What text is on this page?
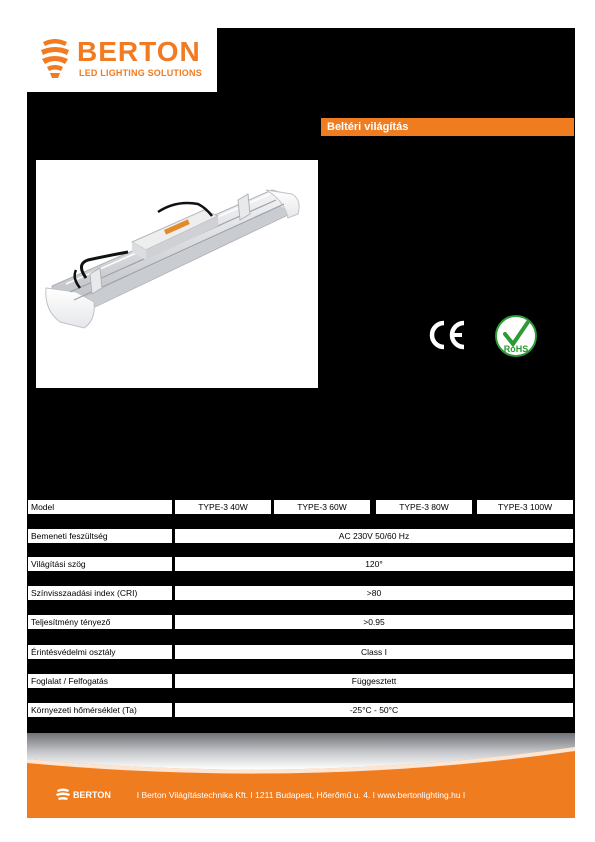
BERTON
LED LIGHTING SOLUTIONS
Beltéri világítás
RoHS
Model	TYPE-3 40W	TYPE-3 60W	TYPE-3 80W	TYPE-3 100W
Bemeneti feszültség	AC 230V 50/60 Hz
Világítási szög	120°
Színvisszaadási index (CRI)	>80
Teljesítmény tényező	>0.95
Érintésvédelmi osztály	Class I
Foglalat / Felfogatás	Függesztett
Környezeti hőmérséklet (Ta)	-25°C - 50°C
BERTON	I Berton Világítástechnika Kft. I 1211 Budapest, Hőerőmű u. 4. I www.bertonlighting.hu I
